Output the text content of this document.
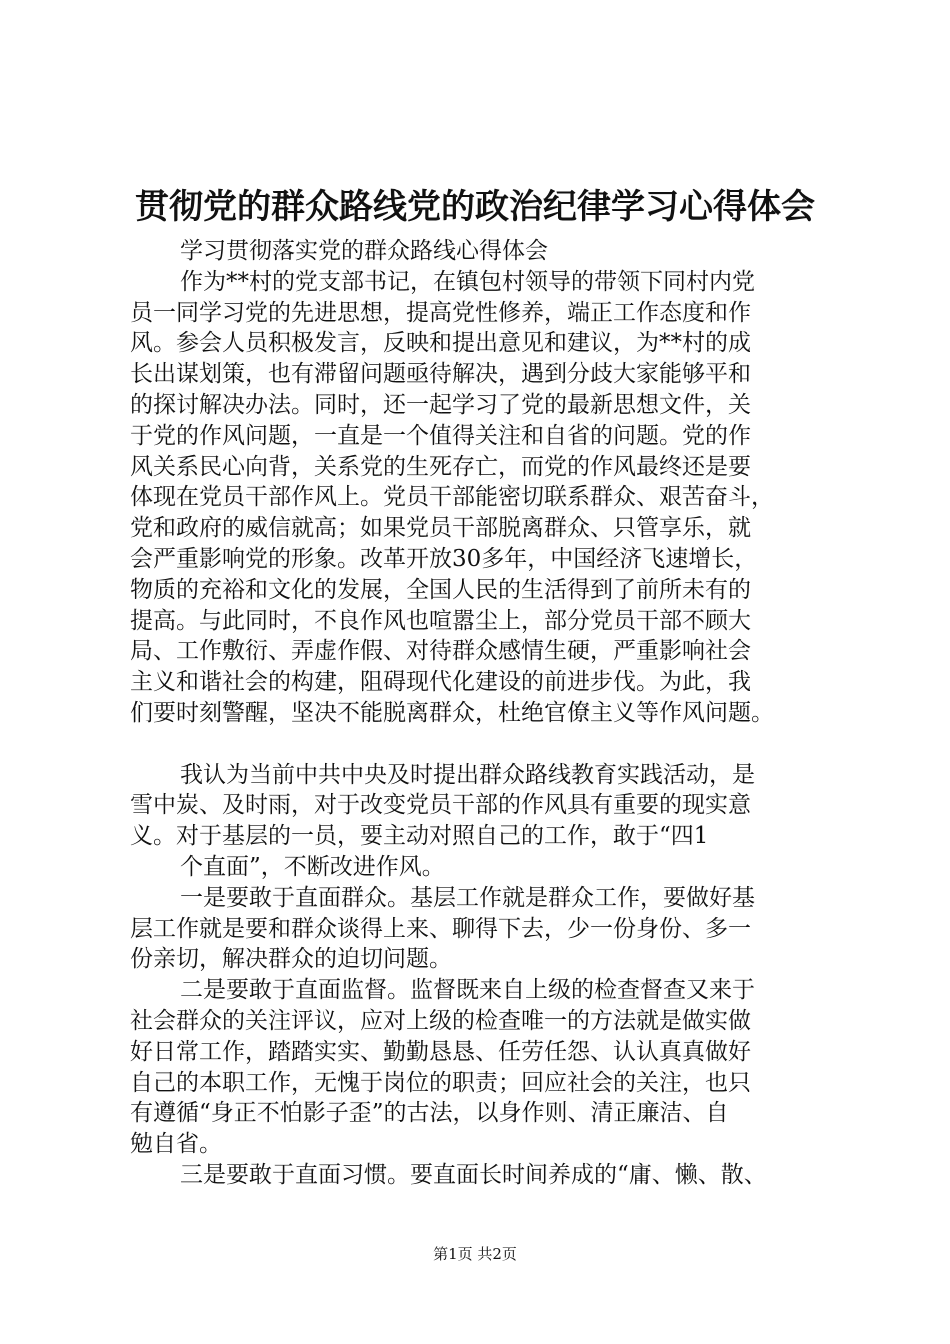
贯彻党的群众路线党的政治纪律学习心得体会
学习贯彻落实党的群众路线心得体会
作为**村的党支部书记，在镇包村领导的带领下同村内党
员一同学习党的先进思想，提高党性修养，端正工作态度和作
风。参会人员积极发言，反映和提出意见和建议，为**村的成
长出谋划策，也有滞留问题亟待解决，遇到分歧大家能够平和
的探讨解决办法。同时，还一起学习了党的最新思想文件，关
于党的作风问题，一直是一个值得关注和自省的问题。党的作
风关系民心向背，关系党的生死存亡，而党的作风最终还是要
体现在党员干部作风上。党员干部能密切联系群众、艰苦奋斗，
党和政府的威信就高；如果党员干部脱离群众、只管享乐，就
会严重影响党的形象。改革开放30多年，中国经济飞速增长，
物质的充裕和文化的发展，全国人民的生活得到了前所未有的
提高。与此同时，不良作风也喧嚣尘上，部分党员干部不顾大
局、工作敷衍、弄虚作假、对待群众感情生硬，严重影响社会
主义和谐社会的构建，阻碍现代化建设的前进步伐。为此，我
们要时刻警醒，坚决不能脱离群众，杜绝官僚主义等作风问题。
我认为当前中共中央及时提出群众路线教育实践活动，是
雪中炭、及时雨，对于改变党员干部的作风具有重要的现实意
义。对于基层的一员，要主动对照自己的工作，敢于“四1
个直面”，不断改进作风。
一是要敢于直面群众。基层工作就是群众工作，要做好基
层工作就是要和群众谈得上来、聊得下去，少一份身份、多一
份亲切，解决群众的迫切问题。
二是要敢于直面监督。监督既来自上级的检查督查又来于
社会群众的关注评议，应对上级的检查唯一的方法就是做实做
好日常工作，踏踏实实、勤勤恳恳、任劳任怨、认认真真做好
自己的本职工作，无愧于岗位的职责；回应社会的关注，也只
有遵循“身正不怕影子歪”的古法，以身作则、清正廉洁、自
勉自省。
三是要敢于直面习惯。要直面长时间养成的“庸、懒、散、
第1页 共2页
